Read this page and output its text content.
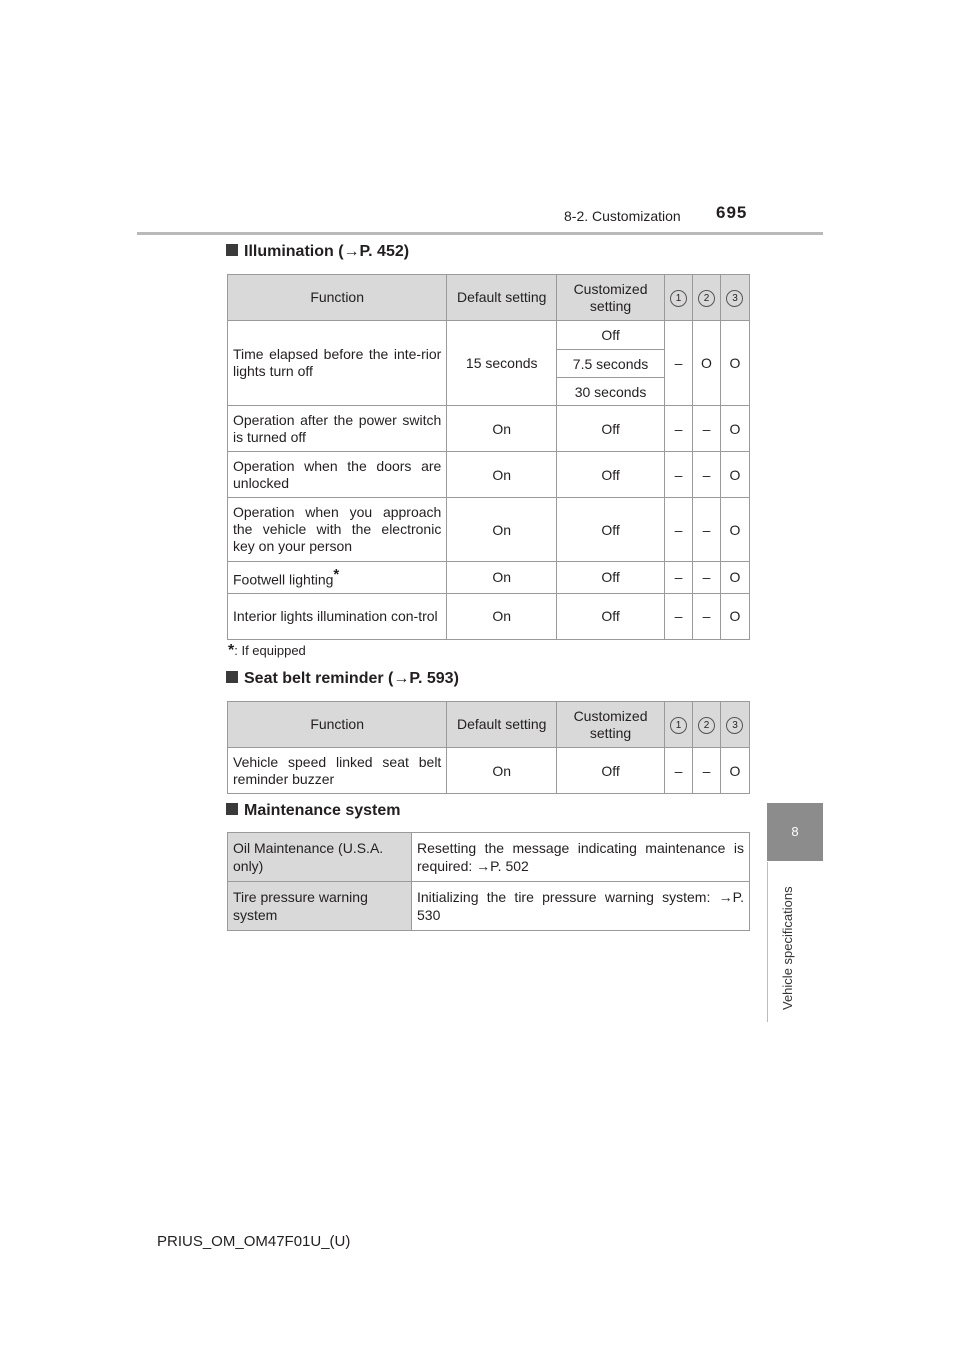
8-2. Customization 695
8
Vehicle specifications
Illumination (→P. 452)
Function	Default setting	Customized setting	1	2	3
Time elapsed before the inte-rior lights turn off	15 seconds	Off	–	O	O
		7.5 seconds			
		30 seconds			
Operation after the power switch is turned off	On	Off	–	–	O
Operation when the doors are unlocked	On	Off	–	–	O
Operation when you approach the vehicle with the electronic key on your person	On	Off	–	–	O
Footwell lighting*	On	Off	–	–	O
Interior lights illumination con-trol	On	Off	–	–	O
*: If equipped
Seat belt reminder (→P. 593)
Function	Default setting	Customized setting	1	2	3
Vehicle speed linked seat belt reminder buzzer	On	Off	–	–	O
Maintenance system
Oil Maintenance (U.S.A. only)	Resetting the message indicating maintenance is required: →P. 502
Tire pressure warning system	Initializing the tire pressure warning system: →P. 530
PRIUS_OM_OM47F01U_(U)
